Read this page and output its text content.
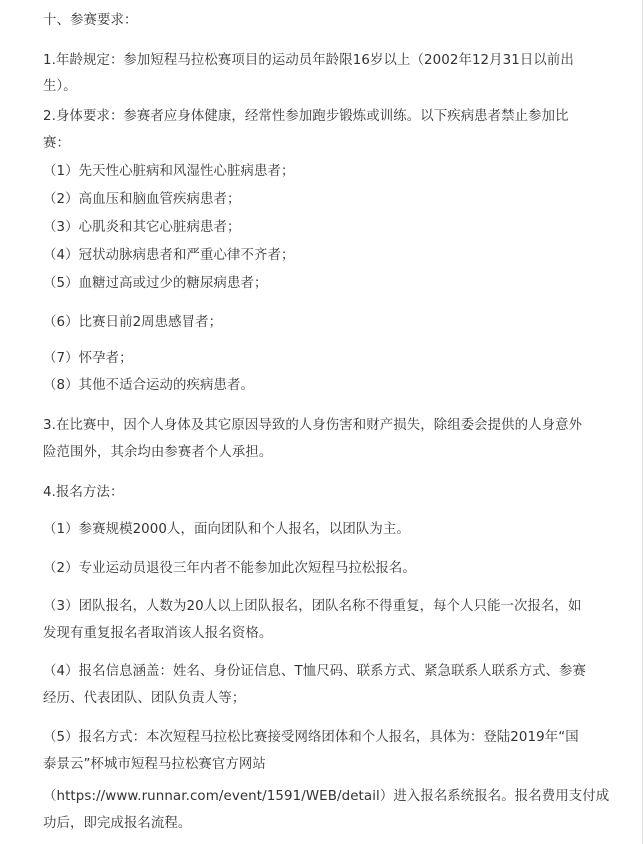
十、参赛要求：
1.年龄规定：参加短程马拉松赛项目的运动员年龄限16岁以上（2002年12月31日以前出
生）。
2.身体要求：参赛者应身体健康，经常性参加跑步锻炼或训练。以下疾病患者禁止参加比
赛：
（1）先天性心脏病和风湿性心脏病患者；
（2）高血压和脑血管疾病患者；
（3）心肌炎和其它心脏病患者；
（4）冠状动脉病患者和严重心律不齐者；
（5）血糖过高或过少的糖尿病患者；
（6）比赛日前2周患感冒者；
（7）怀孕者；
（8）其他不适合运动的疾病患者。
3.在比赛中，因个人身体及其它原因导致的人身伤害和财产损失，除组委会提供的人身意外
险范围外，其余均由参赛者个人承担。
4.报名方法：
（1）参赛规模2000人，面向团队和个人报名，以团队为主。
（2）专业运动员退役三年内者不能参加此次短程马拉松报名。
（3）团队报名，人数为20人以上团队报名，团队名称不得重复，每个人只能一次报名，如
发现有重复报名者取消该人报名资格。
（4）报名信息涵盖：姓名、身份证信息、T恤尺码、联系方式、紧急联系人联系方式、参赛
经历、代表团队、团队负责人等；
（5）报名方式：本次短程马拉松比赛接受网络团体和个人报名，具体为：登陆2019年“国
泰景云”杯城市短程马拉松赛官方网站
（https://www.runnar.com/event/1591/WEB/detail）进入报名系统报名。报名费用支付成
功后，即完成报名流程。
